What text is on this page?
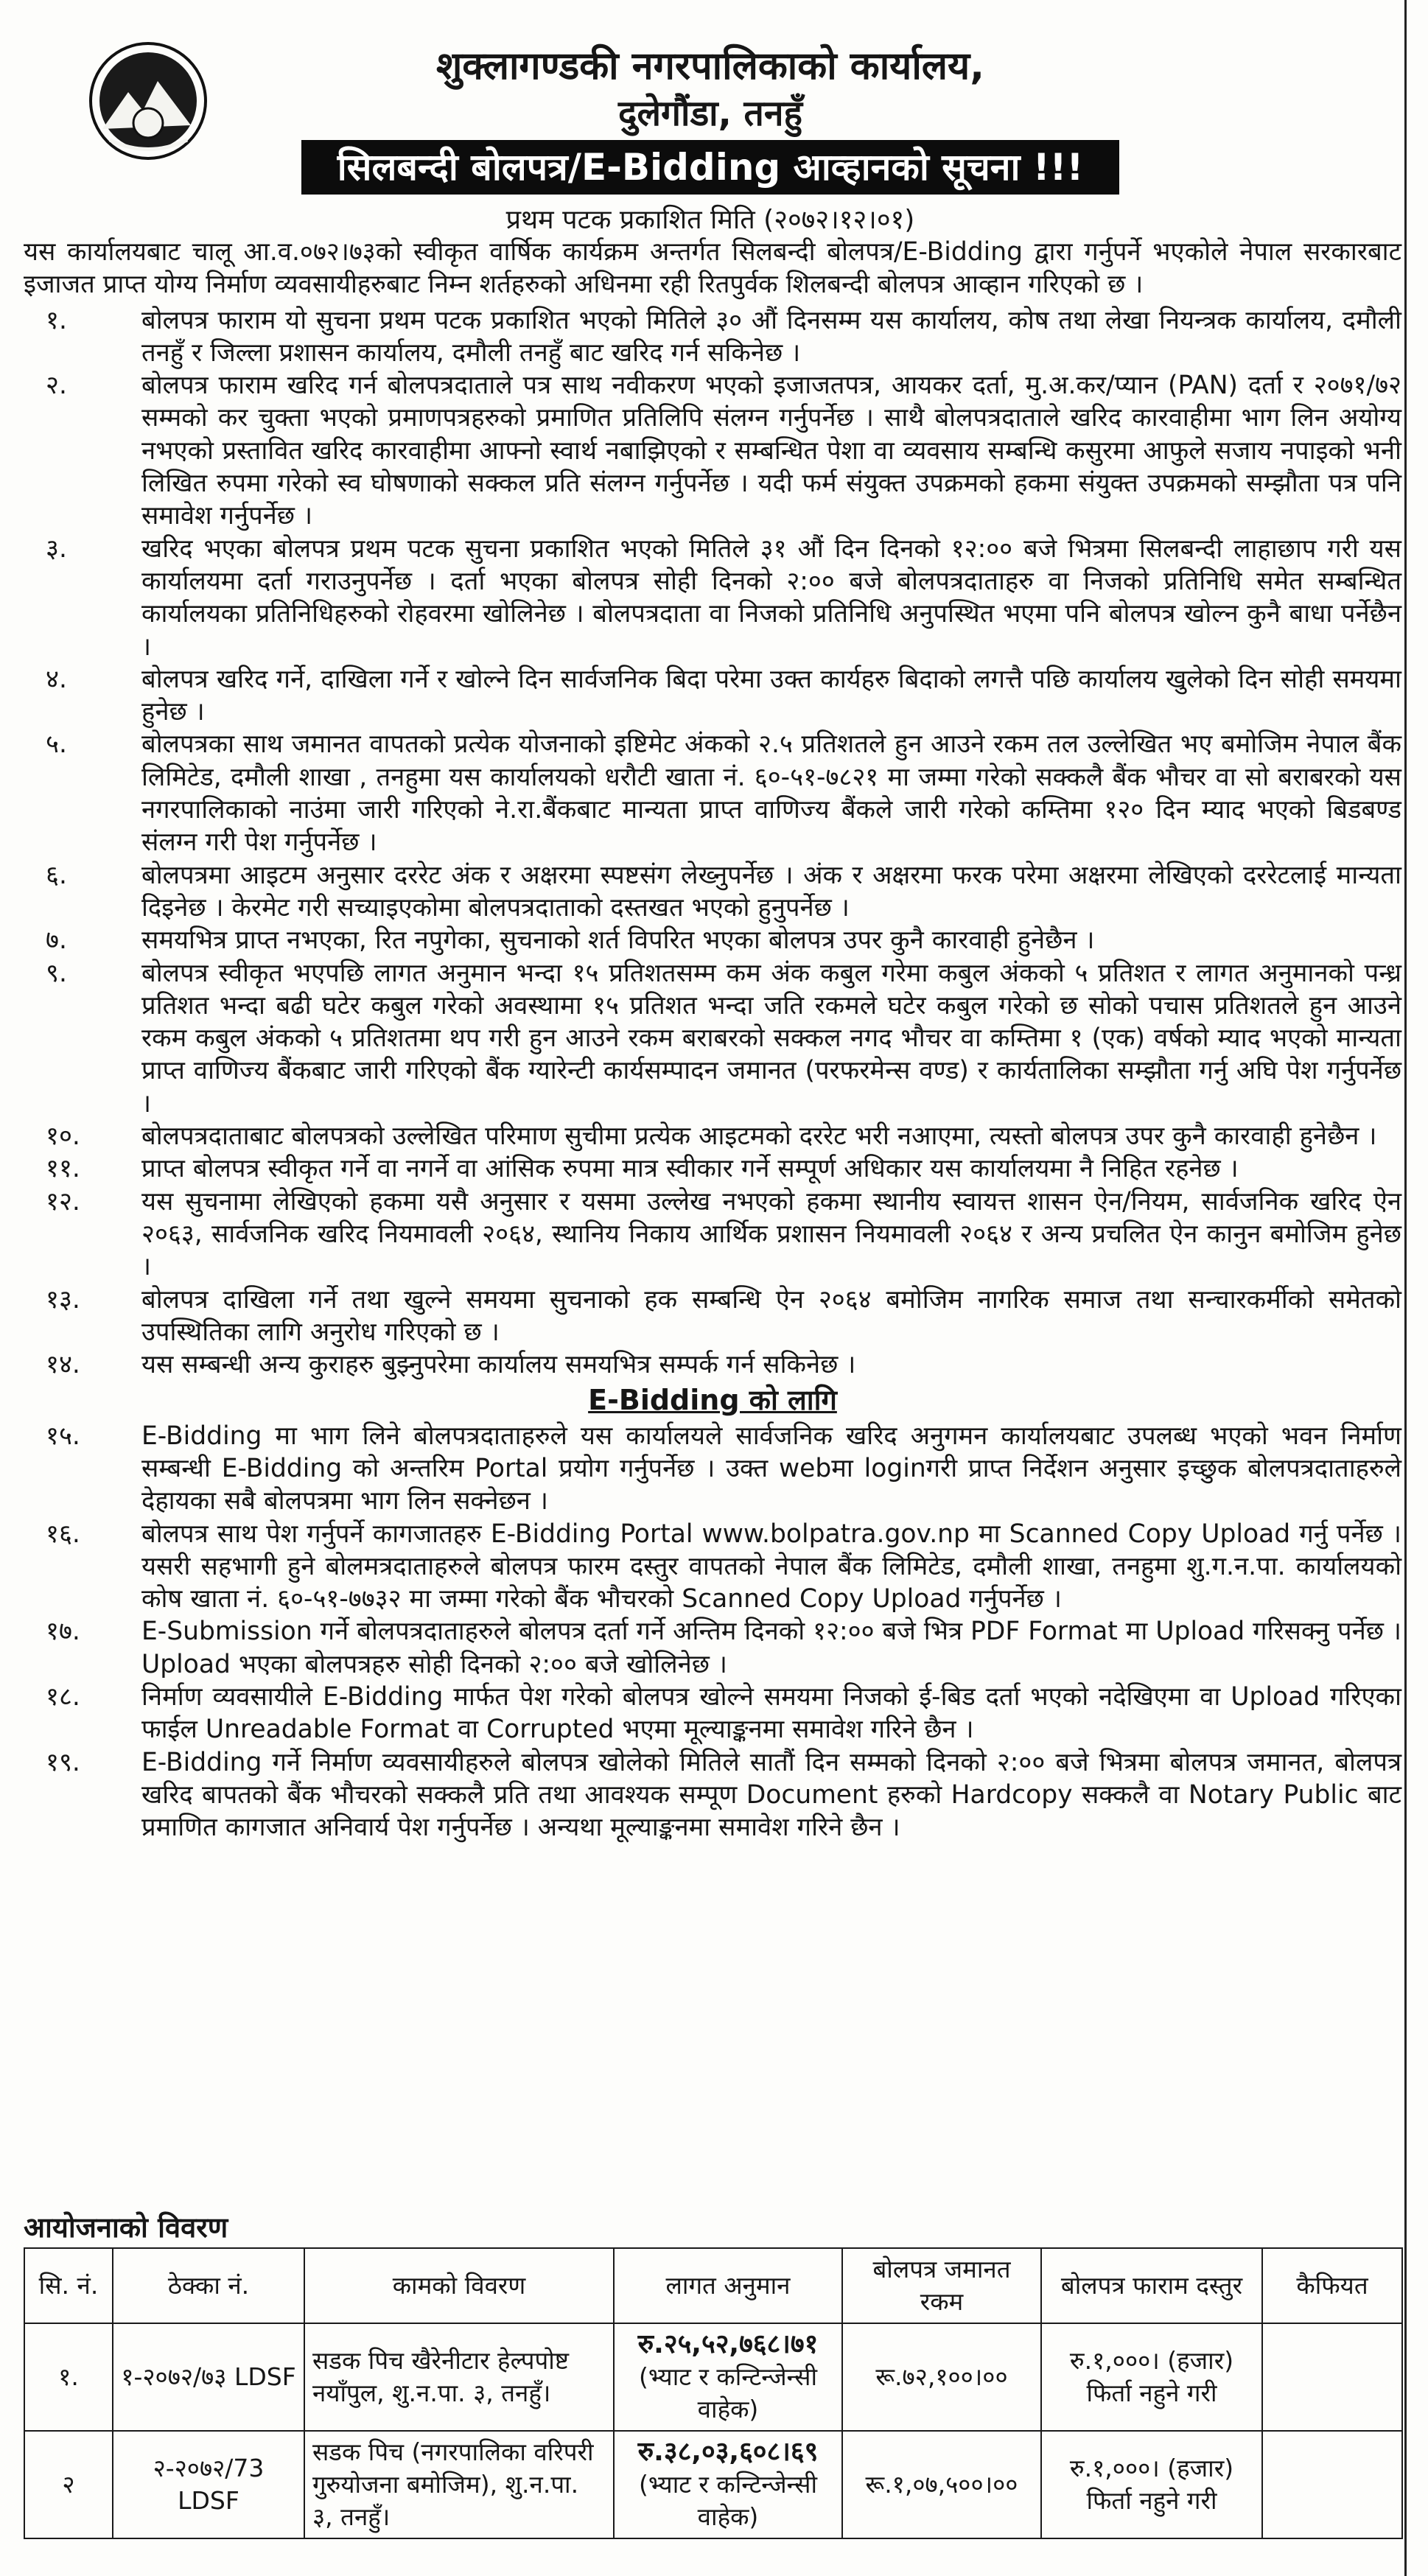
शुक्लागण्डकी नगरपालिकाको कार्यालय,
दुलेगौंडा, तनहुँ
सिलबन्दी बोलपत्र/E-Bidding आव्हानको सूचना !!!
प्रथम पटक प्रकाशित मिति (२०७२।१२।०१)
यस कार्यालयबाट चालू आ.व.०७२।७३को स्वीकृत वार्षिक कार्यक्रम अन्तर्गत सिलबन्दी बोलपत्र/E-Bidding द्वारा गर्नुपर्ने भएकोले नेपाल सरकारबाट इजाजत प्राप्त योग्य निर्माण व्यवसायीहरुबाट निम्न शर्तहरुको अधिनमा रही रितपुर्वक शिलबन्दी बोलपत्र आव्हान गरिएको छ ।
१.	बोलपत्र फाराम यो सुचना प्रथम पटक प्रकाशित भएको मितिले ३० औं दिनसम्म यस कार्यालय, कोष तथा लेखा नियन्त्रक कार्यालय, दमौली तनहुँ र जिल्ला प्रशासन कार्यालय, दमौली तनहुँ बाट खरिद गर्न सकिनेछ ।
२.	बोलपत्र फाराम खरिद गर्न बोलपत्रदाताले पत्र साथ नवीकरण भएको इजाजतपत्र, आयकर दर्ता, मु.अ.कर/प्यान (PAN) दर्ता र २०७१/७२ सम्मको कर चुक्ता भएको प्रमाणपत्रहरुको प्रमाणित प्रतिलिपि संलग्न गर्नुपर्नेछ । साथै बोलपत्रदाताले खरिद कारवाहीमा भाग लिन अयोग्य नभएको प्रस्तावित खरिद कारवाहीमा आफ्नो स्वार्थ नबाझिएको र सम्बन्धित पेशा वा व्यवसाय सम्बन्धि कसुरमा आफुले सजाय नपाइको भनी लिखित रुपमा गरेको स्व घोषणाको सक्कल प्रति संलग्न गर्नुपर्नेछ । यदी फर्म संयुक्त उपक्रमको हकमा संयुक्त उपक्रमको सम्झौता पत्र पनि समावेश गर्नुपर्नेछ ।
३.	खरिद भएका बोलपत्र प्रथम पटक सुचना प्रकाशित भएको मितिले ३१ औं दिन दिनको १२:०० बजे भित्रमा सिलबन्दी लाहाछाप गरी यस कार्यालयमा दर्ता गराउनुपर्नेछ । दर्ता भएका बोलपत्र सोही दिनको २:०० बजे बोलपत्रदाताहरु वा निजको प्रतिनिधि समेत सम्बन्धित कार्यालयका प्रतिनिधिहरुको रोहवरमा खोलिनेछ । बोलपत्रदाता वा निजको प्रतिनिधि अनुपस्थित भएमा पनि बोलपत्र खोल्न कुनै बाधा पर्नेछैन ।
४.	बोलपत्र खरिद गर्ने, दाखिला गर्ने र खोल्ने दिन सार्वजनिक बिदा परेमा उक्त कार्यहरु बिदाको लगत्तै पछि कार्यालय खुलेको दिन सोही समयमा हुनेछ ।
५.	बोलपत्रका साथ जमानत वापतको प्रत्येक योजनाको इष्टिमेट अंकको २.५ प्रतिशतले हुन आउने रकम तल उल्लेखित भए बमोजिम नेपाल बैंक लिमिटेड, दमौली शाखा , तनहुमा यस कार्यालयको धरौटी खाता नं. ६०-५१-७८२१ मा जम्मा गरेको सक्कलै बैंक भौचर वा सो बराबरको यस नगरपालिकाको नाउंमा जारी गरिएको ने.रा.बैंकबाट मान्यता प्राप्त वाणिज्य बैंकले जारी गरेको कम्तिमा १२० दिन म्याद भएको बिडबण्ड संलग्न गरी पेश गर्नुपर्नेछ ।
६.	बोलपत्रमा आइटम अनुसार दररेट अंक र अक्षरमा स्पष्टसंग लेख्नुपर्नेछ । अंक र अक्षरमा फरक परेमा अक्षरमा लेखिएको दररेटलाई मान्यता दिइनेछ । केरमेट गरी सच्याइएकोमा बोलपत्रदाताको दस्तखत भएको हुनुपर्नेछ ।
७.	समयभित्र प्राप्त नभएका, रित नपुगेका, सुचनाको शर्त विपरित भएका बोलपत्र उपर कुनै कारवाही हुनेछैन ।
९.	बोलपत्र स्वीकृत भएपछि लागत अनुमान भन्दा १५ प्रतिशतसम्म कम अंक कबुल गरेमा कबुल अंकको ५ प्रतिशत र लागत अनुमानको पन्ध्र प्रतिशत भन्दा बढी घटेर कबुल गरेको अवस्थामा १५ प्रतिशत भन्दा जति रकमले घटेर कबुल गरेको छ सोको पचास प्रतिशतले हुन आउने रकम कबुल अंकको ५ प्रतिशतमा थप गरी हुन आउने रकम बराबरको सक्कल नगद भौचर वा कम्तिमा १ (एक) वर्षको म्याद भएको मान्यता प्राप्त वाणिज्य बैंकबाट जारी गरिएको बैंक ग्यारेन्टी कार्यसम्पादन जमानत (परफरमेन्स वण्ड) र कार्यतालिका सम्झौता गर्नु अघि पेश गर्नुपर्नेछ ।
१०.	बोलपत्रदाताबाट बोलपत्रको उल्लेखित परिमाण सुचीमा प्रत्येक आइटमको दररेट भरी नआएमा, त्यस्तो बोलपत्र उपर कुनै कारवाही हुनेछैन ।
११.	प्राप्त बोलपत्र स्वीकृत गर्ने वा नगर्ने वा आंसिक रुपमा मात्र स्वीकार गर्ने सम्पूर्ण अधिकार यस कार्यालयमा नै निहित रहनेछ ।
१२.	यस सुचनामा लेखिएको हकमा यसै अनुसार र यसमा उल्लेख नभएको हकमा स्थानीय स्वायत्त शासन ऐन/नियम, सार्वजनिक खरिद ऐन २०६३, सार्वजनिक खरिद नियमावली २०६४, स्थानिय निकाय आर्थिक प्रशासन नियमावली २०६४ र अन्य प्रचलित ऐन कानुन बमोजिम हुनेछ ।
१३.	बोलपत्र दाखिला गर्ने तथा खुल्ने समयमा सुचनाको हक सम्बन्धि ऐन २०६४ बमोजिम नागरिक समाज तथा सन्चारकर्मीको समेतको उपस्थितिका लागि अनुरोध गरिएको छ ।
१४.	यस सम्बन्धी अन्य कुराहरु बुझ्नुपरेमा कार्यालय समयभित्र सम्पर्क गर्न सकिनेछ ।
E-Bidding को लागि
१५.	E-Bidding मा भाग लिने बोलपत्रदाताहरुले यस कार्यालयले सार्वजनिक खरिद अनुगमन कार्यालयबाट उपलब्ध भएको भवन निर्माण सम्बन्धी E-Bidding को अन्तरिम Portal प्रयोग गर्नुपर्नेछ । उक्त webमा loginगरी प्राप्त निर्देशन अनुसार इच्छुक बोलपत्रदाताहरुले देहायका सबै बोलपत्रमा भाग लिन सक्नेछन ।
१६.	बोलपत्र साथ पेश गर्नुपर्ने कागजातहरु E-Bidding Portal www.bolpatra.gov.np मा Scanned Copy Upload गर्नु पर्नेछ । यसरी सहभागी हुने बोलमत्रदाताहरुले बोलपत्र फारम दस्तुर वापतको नेपाल बैंक लिमिटेड, दमौली शाखा, तनहुमा शु.ग.न.पा. कार्यालयको कोष खाता नं. ६०-५१-७७३२ मा जम्मा गरेको बैंक भौचरको Scanned Copy Upload गर्नुपर्नेछ ।
१७.	E-Submission गर्ने बोलपत्रदाताहरुले बोलपत्र दर्ता गर्ने अन्तिम दिनको १२:०० बजे भित्र PDF Format मा Upload गरिसक्नु पर्नेछ । Upload भएका बोलपत्रहरु सोही दिनको २:०० बजे खोलिनेछ ।
१८.	निर्माण व्यवसायीले E-Bidding मार्फत पेश गरेको बोलपत्र खोल्ने समयमा निजको ई-बिड दर्ता भएको नदेखिएमा वा Upload गरिएका फाईल Unreadable Format वा Corrupted भएमा मूल्याङ्कनमा समावेश गरिने छैन ।
१९.	E-Bidding गर्ने निर्माण व्यवसायीहरुले बोलपत्र खोलेको मितिले सातौं दिन सम्मको दिनको २:०० बजे भित्रमा बोलपत्र जमानत, बोलपत्र खरिद बापतको बैंक भौचरको सक्कलै प्रति तथा आवश्यक सम्पूण Document हरुको Hardcopy सक्कलै वा Notary Public बाट प्रमाणित कागजात अनिवार्य पेश गर्नुपर्नेछ । अन्यथा मूल्याङ्कनमा समावेश गरिने छैन ।
आयोजनाको विवरण
सि. नं.	ठेक्का नं.	कामको विवरण	लागत अनुमान	बोलपत्र जमानत रकम	बोलपत्र फाराम दस्तुर	कैफियत
१.	१-२०७२/७३ LDSF	सडक पिच खैरेनीटार हेल्पपोष्ट नयाँपुल, शु.न.पा. ३, तनहुँ।	रु.२५,५२,७६८।७१
(भ्याट र कन्टिन्जेन्सी वाहेक)	रू.७२,१००।००	रु.१,०००। (हजार) फिर्ता नहुने गरी	
२	२-२०७२/73 LDSF	सडक पिच (नगरपालिका वरिपरी गुरुयोजना बमोजिम), शु.न.पा. ३, तनहुँ।	रु.३८,०३,६०८।६९
(भ्याट र कन्टिन्जेन्सी वाहेक)	रू.१,०७,५००।००	रु.१,०००। (हजार) फिर्ता नहुने गरी	
